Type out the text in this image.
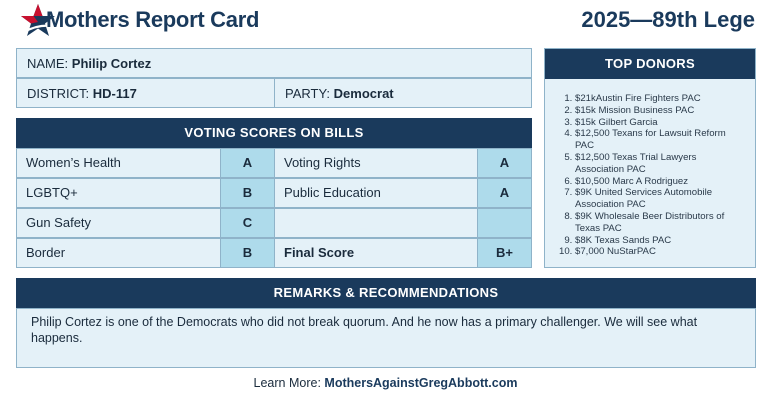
Mothers Report Card	2025—89th Lege
NAME: Philip Cortez
DISTRICT: HD-117	PARTY: Democrat
VOTING SCORES ON BILLS
Women’s Health	A	Voting Rights	A
LGBTQ+	B	Public Education	A
Gun Safety	C
Border	B	Final Score	B+
TOP DONORS
1. $21kAustin Fire Fighters PAC
2. $15k Mission Business PAC
3. $15k Gilbert Garcia
4. $12,500 Texans for Lawsuit Reform PAC
5. $12,500 Texas Trial Lawyers Association PAC
6. $10,500 Marc A Rodriguez
7. $9K United Services Automobile Association PAC
8. $9K Wholesale Beer Distributors of Texas PAC
9. $8K Texas Sands PAC
10. $7,000 NuStarPAC
REMARKS & RECOMMENDATIONS
Philip Cortez is one of the Democrats who did not break quorum. And he now has a primary challenger. We will see what happens.
Learn More: MothersAgainstGregAbbott.com
